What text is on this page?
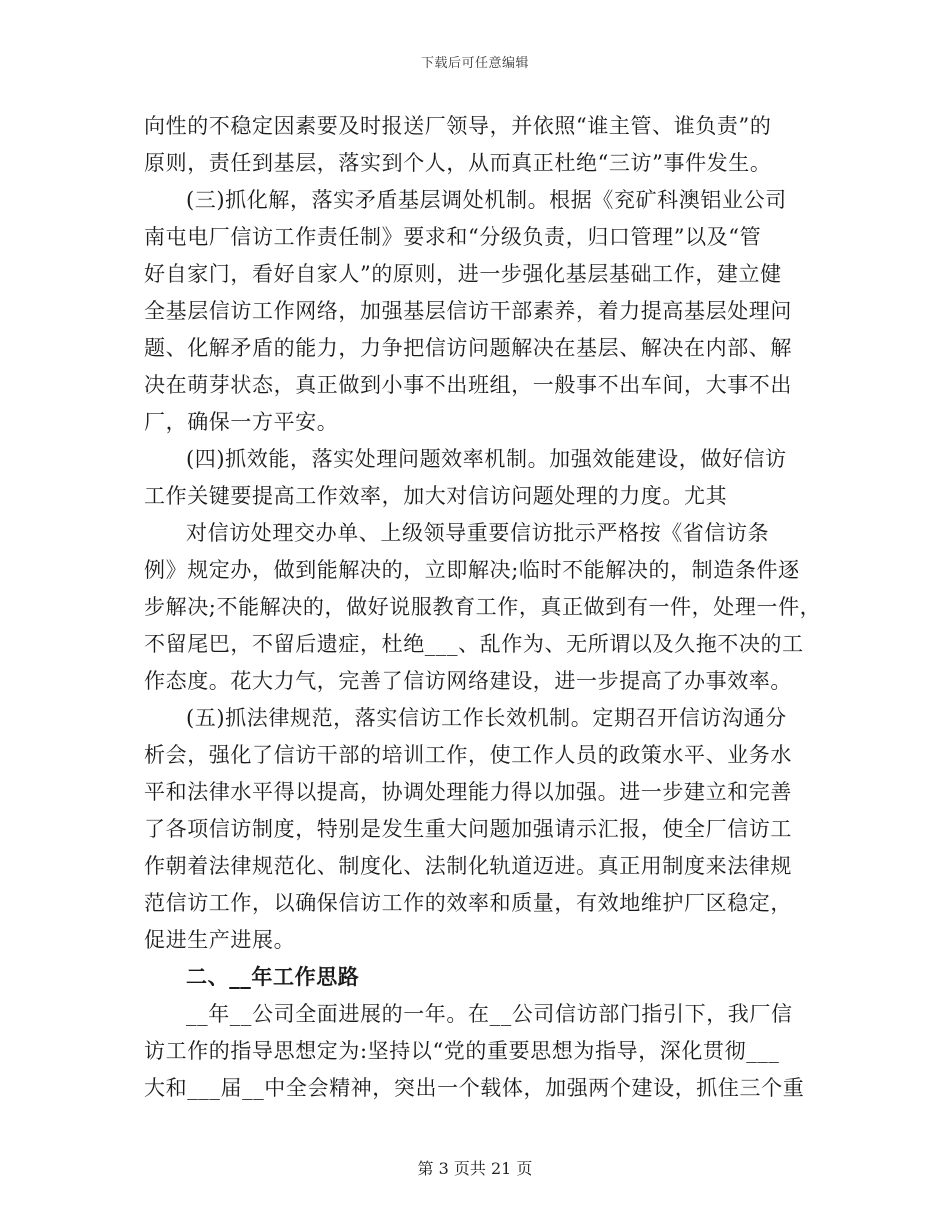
下载后可任意编辑
向性的不稳定因素要及时报送厂领导，并依照“谁主管、谁负责”的
原则，责任到基层，落实到个人，从而真正杜绝“三访”事件发生。
(三)抓化解，落实矛盾基层调处机制。根据《兖矿科澳铝业公司
南屯电厂信访工作责任制》要求和“分级负责，归口管理”以及“管
好自家门，看好自家人”的原则，进一步强化基层基础工作，建立健
全基层信访工作网络，加强基层信访干部素养，着力提高基层处理问
题、化解矛盾的能力，力争把信访问题解决在基层、解决在内部、解
决在萌芽状态，真正做到小事不出班组，一般事不出车间，大事不出
厂，确保一方平安。
(四)抓效能，落实处理问题效率机制。加强效能建设，做好信访
工作关键要提高工作效率，加大对信访问题处理的力度。尤其
对信访处理交办单、上级领导重要信访批示严格按《省信访条
例》规定办，做到能解决的，立即解决;临时不能解决的，制造条件逐
步解决;不能解决的，做好说服教育工作，真正做到有一件，处理一件，
不留尾巴，不留后遗症，杜绝___、乱作为、无所谓以及久拖不决的工
作态度。花大力气，完善了信访网络建设，进一步提高了办事效率。
(五)抓法律规范，落实信访工作长效机制。定期召开信访沟通分
析会，强化了信访干部的培训工作，使工作人员的政策水平、业务水
平和法律水平得以提高，协调处理能力得以加强。进一步建立和完善
了各项信访制度，特别是发生重大问题加强请示汇报，使全厂信访工
作朝着法律规范化、制度化、法制化轨道迈进。真正用制度来法律规
范信访工作，以确保信访工作的效率和质量，有效地维护厂区稳定，
促进生产进展。
二、__年工作思路
__年__公司全面进展的一年。在__公司信访部门指引下，我厂信
访工作的指导思想定为:坚持以“党的重要思想为指导，深化贯彻___
大和___届__中全会精神，突出一个载体，加强两个建设，抓住三个重
第 3 页共 21 页
